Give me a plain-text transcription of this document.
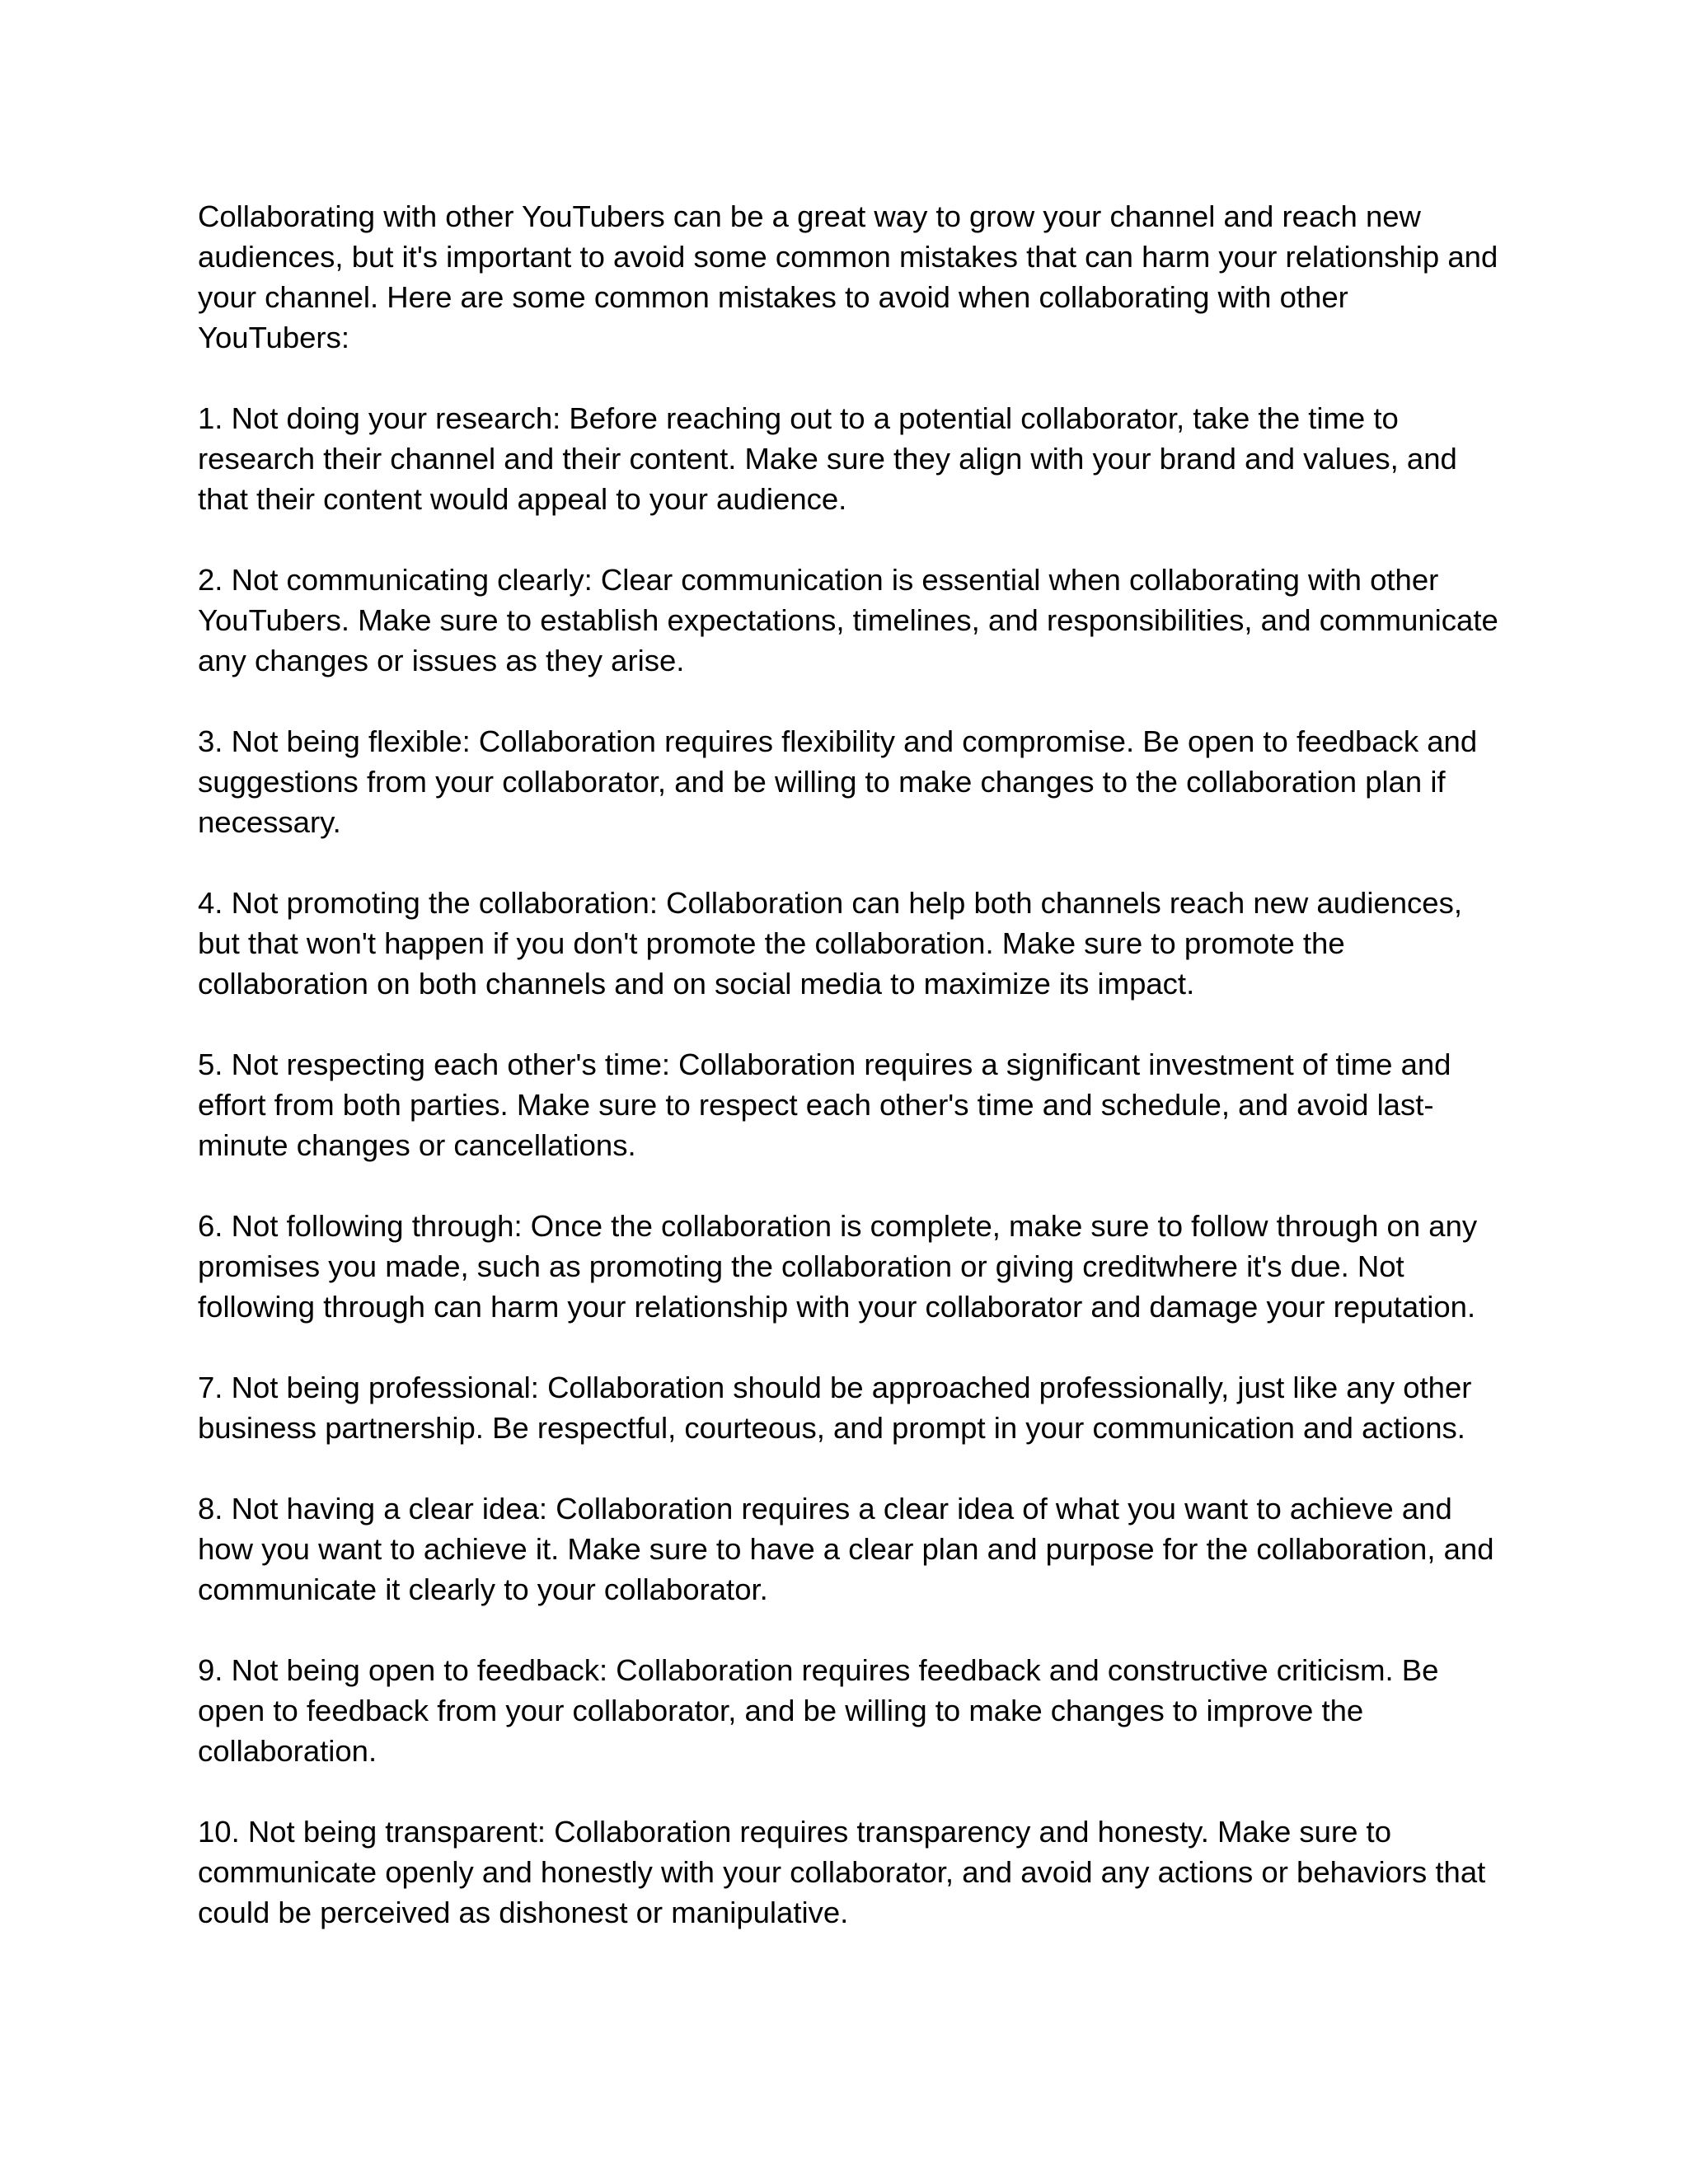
Collaborating with other YouTubers can be a great way to grow your channel and reach new audiences, but it's important to avoid some common mistakes that can harm your relationship and your channel. Here are some common mistakes to avoid when collaborating with other YouTubers:

1. Not doing your research: Before reaching out to a potential collaborator, take the time to research their channel and their content. Make sure they align with your brand and values, and that their content would appeal to your audience.

2. Not communicating clearly: Clear communication is essential when collaborating with other YouTubers. Make sure to establish expectations, timelines, and responsibilities, and communicate any changes or issues as they arise.

3. Not being flexible: Collaboration requires flexibility and compromise. Be open to feedback and suggestions from your collaborator, and be willing to make changes to the collaboration plan if necessary.

4. Not promoting the collaboration: Collaboration can help both channels reach new audiences, but that won't happen if you don't promote the collaboration. Make sure to promote the collaboration on both channels and on social media to maximize its impact.

5. Not respecting each other's time: Collaboration requires a significant investment of time and effort from both parties. Make sure to respect each other's time and schedule, and avoid last-minute changes or cancellations.

6. Not following through: Once the collaboration is complete, make sure to follow through on any promises you made, such as promoting the collaboration or giving creditwhere it's due. Not following through can harm your relationship with your collaborator and damage your reputation.

7. Not being professional: Collaboration should be approached professionally, just like any other business partnership. Be respectful, courteous, and prompt in your communication and actions.

8. Not having a clear idea: Collaboration requires a clear idea of what you want to achieve and how you want to achieve it. Make sure to have a clear plan and purpose for the collaboration, and communicate it clearly to your collaborator.

9. Not being open to feedback: Collaboration requires feedback and constructive criticism. Be open to feedback from your collaborator, and be willing to make changes to improve the collaboration.

10. Not being transparent: Collaboration requires transparency and honesty. Make sure to communicate openly and honestly with your collaborator, and avoid any actions or behaviors that could be perceived as dishonest or manipulative.
